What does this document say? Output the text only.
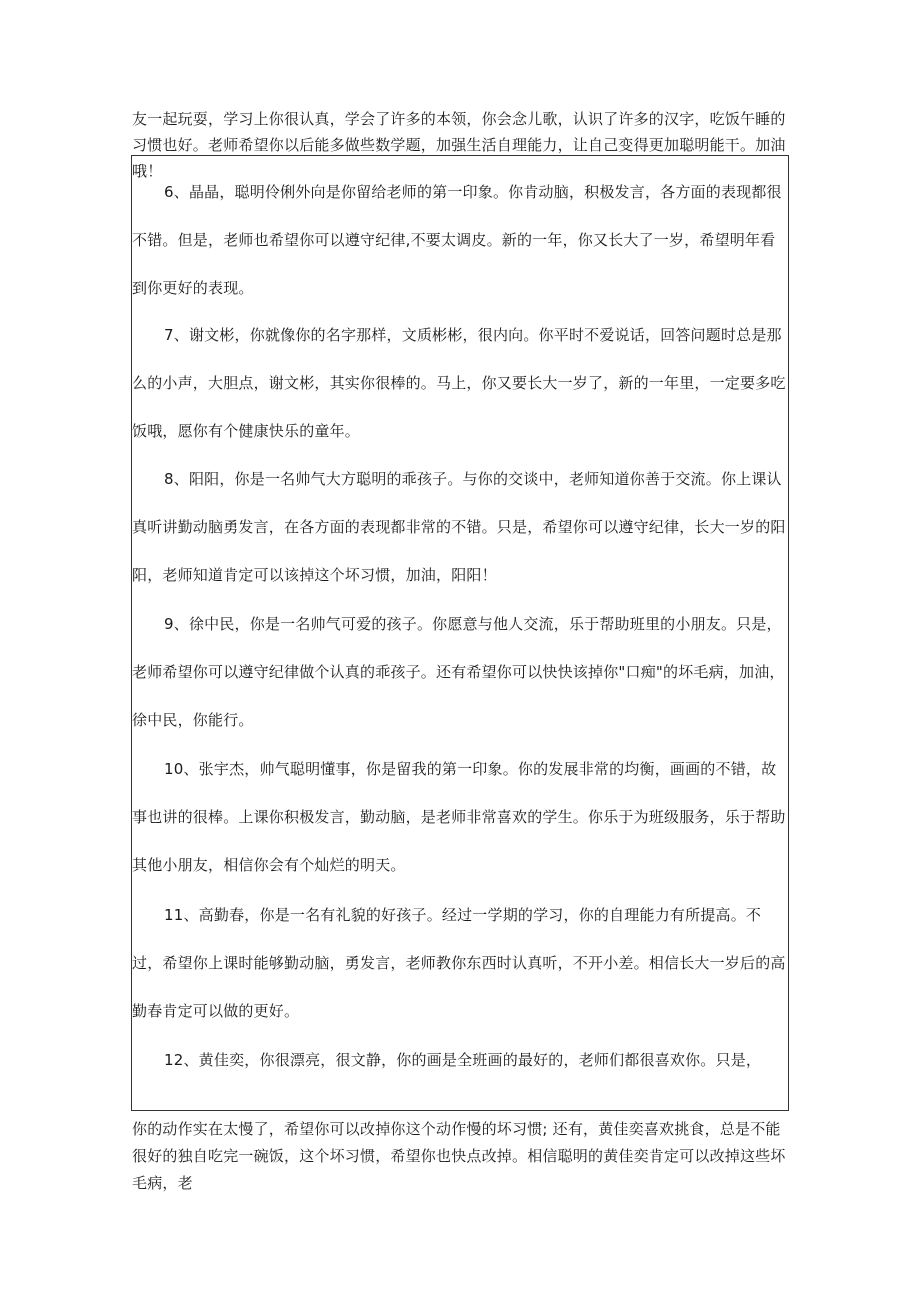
友一起玩耍，学习上你很认真，学会了许多的本领，你会念儿歌，认识了许多的汉字，吃饭午睡的习惯也好。老师希望你以后能多做些数学题，加强生活自理能力，让自己变得更加聪明能干。加油哦！

6、晶晶，聪明伶俐外向是你留给老师的第一印象。你肯动脑，积极发言，各方面的表现都很不错。但是，老师也希望你可以遵守纪律,不要太调皮。新的一年，你又长大了一岁，希望明年看到你更好的表现。

7、谢文彬，你就像你的名字那样，文质彬彬，很内向。你平时不爱说话，回答问题时总是那么的小声，大胆点，谢文彬，其实你很棒的。马上，你又要长大一岁了，新的一年里，一定要多吃饭哦，愿你有个健康快乐的童年。

8、阳阳，你是一名帅气大方聪明的乖孩子。与你的交谈中，老师知道你善于交流。你上课认真听讲勤动脑勇发言，在各方面的表现都非常的不错。只是，希望你可以遵守纪律，长大一岁的阳阳，老师知道肯定可以该掉这个坏习惯，加油，阳阳！

9、徐中民，你是一名帅气可爱的孩子。你愿意与他人交流，乐于帮助班里的小朋友。只是，老师希望你可以遵守纪律做个认真的乖孩子。还有希望你可以快快该掉你"口痴"的坏毛病，加油，徐中民，你能行。

10、张宇杰，帅气聪明懂事，你是留我的第一印象。你的发展非常的均衡，画画的不错，故事也讲的很棒。上课你积极发言，勤动脑，是老师非常喜欢的学生。你乐于为班级服务，乐于帮助其他小朋友，相信你会有个灿烂的明天。

11、高勤春，你是一名有礼貌的好孩子。经过一学期的学习，你的自理能力有所提高。不过，希望你上课时能够勤动脑，勇发言，老师教你东西时认真听，不开小差。相信长大一岁后的高勤春肯定可以做的更好。

12、黄佳奕，你很漂亮，很文静，你的画是全班画的最好的，老师们都很喜欢你。只是，

你的动作实在太慢了，希望你可以改掉你这个动作慢的坏习惯; 还有，黄佳奕喜欢挑食，总是不能很好的独自吃完一碗饭，这个坏习惯，希望你也快点改掉。相信聪明的黄佳奕肯定可以改掉这些坏毛病，老
